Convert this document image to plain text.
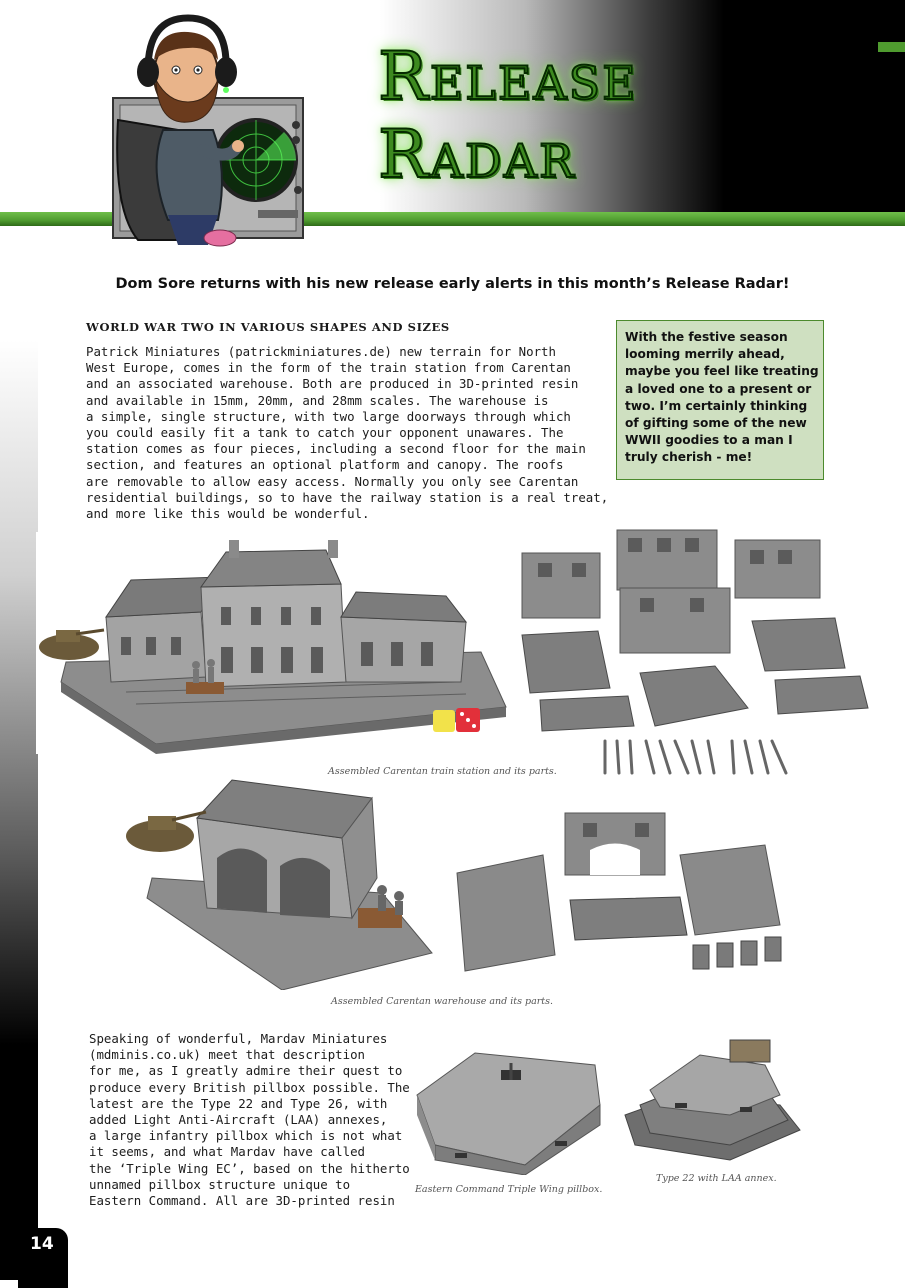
Release
Radar
Dom Sore returns with his new release early alerts in this month’s Release Radar!
WORLD WAR TWO IN VARIOUS SHAPES AND SIZES
Patrick Miniatures (patrickminiatures.de) new terrain for North
West Europe, comes in the form of the train station from Carentan
and an associated warehouse. Both are produced in 3D-printed resin
and available in 15mm, 20mm, and 28mm scales. The warehouse is
a simple, single structure, with two large doorways through which
you could easily fit a tank to catch your opponent unawares. The
station comes as four pieces, including a second floor for the main
section, and features an optional platform and canopy. The roofs
are removable to allow easy access. Normally you only see Carentan
residential buildings, so to have the railway station is a real treat,
and more like this would be wonderful.
With the festive season
looming merrily ahead,
maybe you feel like treating
a loved one to a present or
two. I’m certainly thinking
of gifting some of the new
WWII goodies to a man I
truly cherish - me!
Assembled Carentan train station and its parts.
Assembled Carentan warehouse and its parts.
Speaking of wonderful, Mardav Miniatures
(mdminis.co.uk) meet that description
for me, as I greatly admire their quest to
produce every British pillbox possible. The
latest are the Type 22 and Type 26, with
added Light Anti-Aircraft (LAA) annexes,
a large infantry pillbox which is not what
it seems, and what Mardav have called
the ‘Triple Wing EC’, based on the hitherto
unnamed pillbox structure unique to
Eastern Command. All are 3D-printed resin
Eastern Command Triple Wing pillbox.
Type 22 with LAA annex.
14
